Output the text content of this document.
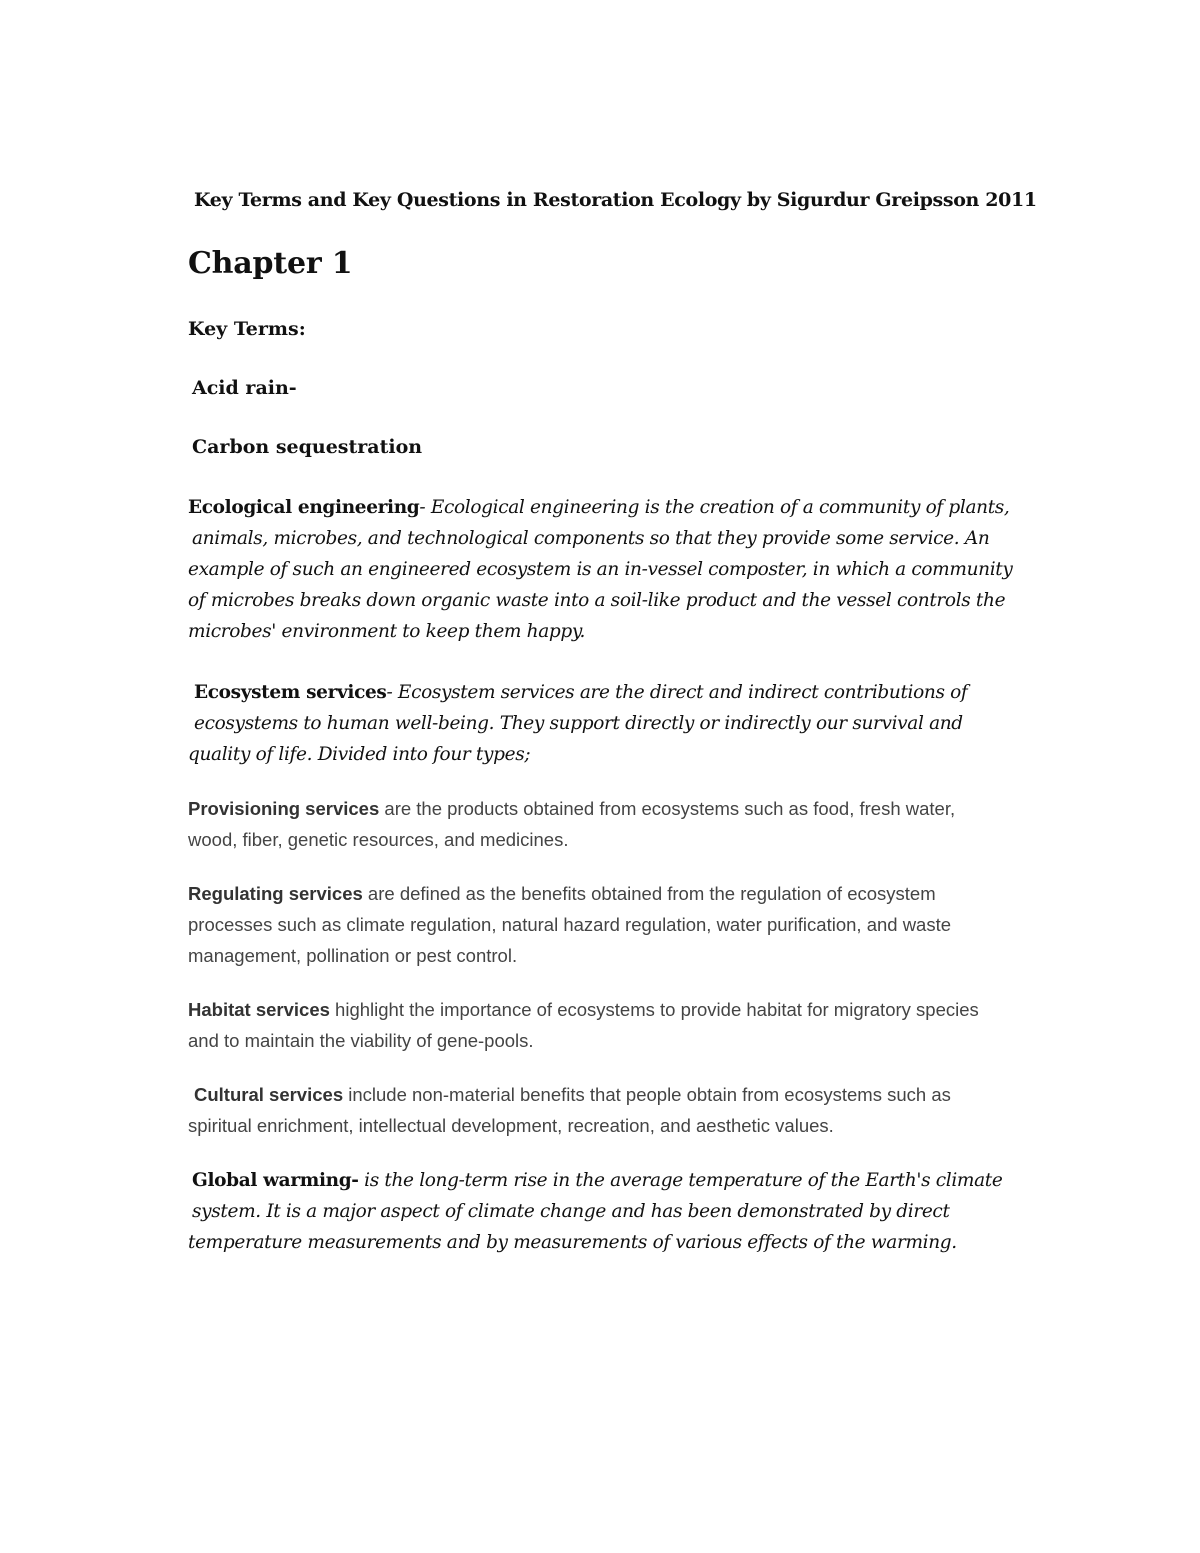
Key Terms and Key Questions in Restoration Ecology by Sigurdur Greipsson 2011
Chapter 1
Key Terms:
Acid rain-
Carbon sequestration
Ecological engineering- Ecological engineering is the creation of a community of plants,
animals, microbes, and technological components so that they provide some service. An
example of such an engineered ecosystem is an in-vessel composter, in which a community
of microbes breaks down organic waste into a soil-like product and the vessel controls the
microbes' environment to keep them happy.
Ecosystem services- Ecosystem services are the direct and indirect contributions of
ecosystems to human well-being. They support directly or indirectly our survival and
quality of life. Divided into four types;
Provisioning services are the products obtained from ecosystems such as food, fresh water,
wood, fiber, genetic resources, and medicines.
Regulating services are defined as the benefits obtained from the regulation of ecosystem
processes such as climate regulation, natural hazard regulation, water purification, and waste
management, pollination or pest control.
Habitat services highlight the importance of ecosystems to provide habitat for migratory species
and to maintain the viability of gene-pools.
Cultural services include non-material benefits that people obtain from ecosystems such as
spiritual enrichment, intellectual development, recreation, and aesthetic values.
Global warming- is the long-term rise in the average temperature of the Earth's climate
system. It is a major aspect of climate change and has been demonstrated by direct
temperature measurements and by measurements of various effects of the warming.
